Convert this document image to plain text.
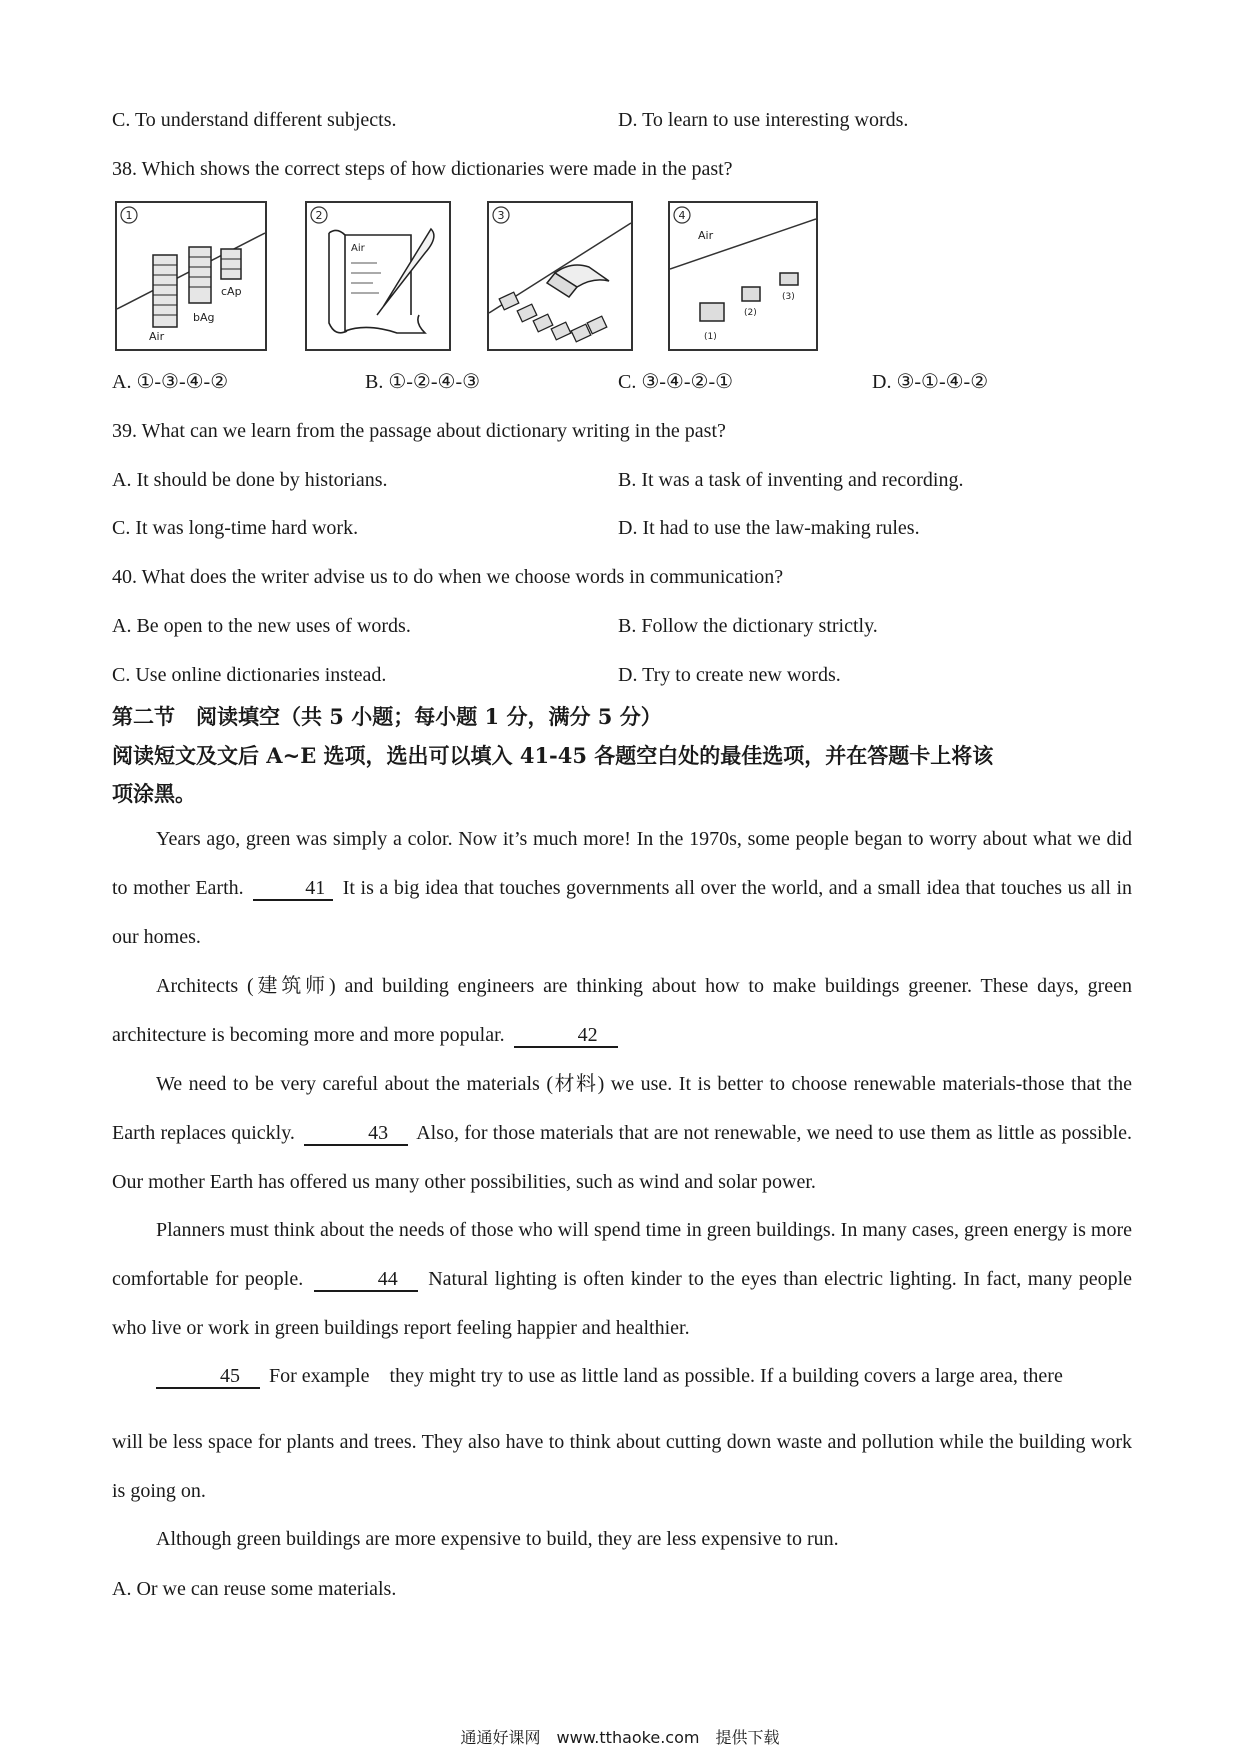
C. To understand different subjects.	D. To learn to use interesting words.
38. Which shows the correct steps of how dictionaries were made in the past?
1
Air
bAg
cAp
2
Air
3	4
Air
(1)
(2)
(3)
A. ①-③-④-②	B. ①-②-④-③	C. ③-④-②-①	D. ③-①-④-②
39. What can we learn from the passage about dictionary writing in the past?
A. It should be done by historians.	B. It was a task of inventing and recording.
C. It was long-time hard work.	D. It had to use the law-making rules.
40. What does the writer advise us to do when we choose words in communication?
A. Be open to the new uses of words.	B. Follow the dictionary strictly.
C. Use online dictionaries instead.	D. Try to create new words.
第二节　阅读填空（共 5 小题；每小题 1 分，满分 5 分）
阅读短文及文后 A~E 选项，选出可以填入 41-45 各题空白处的最佳选项，并在答题卡上将该
项涂黑。
Years ago, green was simply a color. Now it’s much more! In the 1970s, some people began to worry about what we did to mother Earth.	41 It is a big idea that touches governments all over the world, and a small idea that touches us all in our homes.
Architects (建筑师) and building engineers are thinking about how to make buildings greener. These days, green architecture is becoming more and more popular.	42
We need to be very careful about the materials (材料) we use. It is better to choose renewable materials-those that the Earth replaces quickly.	43 Also, for those materials that are not renewable, we need to use them as little as possible. Our mother Earth has offered us many other possibilities, such as wind and solar power.
Planners must think about the needs of those who will spend time in green buildings. In many cases, green energy is more comfortable for people.	44 Natural lighting is often kinder to the eyes than electric lighting. In fact, many people who live or work in green buildings report feeling happier and healthier.
45 For example　they might try to use as little land as possible. If a building covers a large area, there
will be less space for plants and trees. They also have to think about cutting down waste and pollution while the building work is going on.
Although green buildings are more expensive to build, they are less expensive to run.
A. Or we can reuse some materials.
通通好课网　www.tthaoke.com　提供下载
